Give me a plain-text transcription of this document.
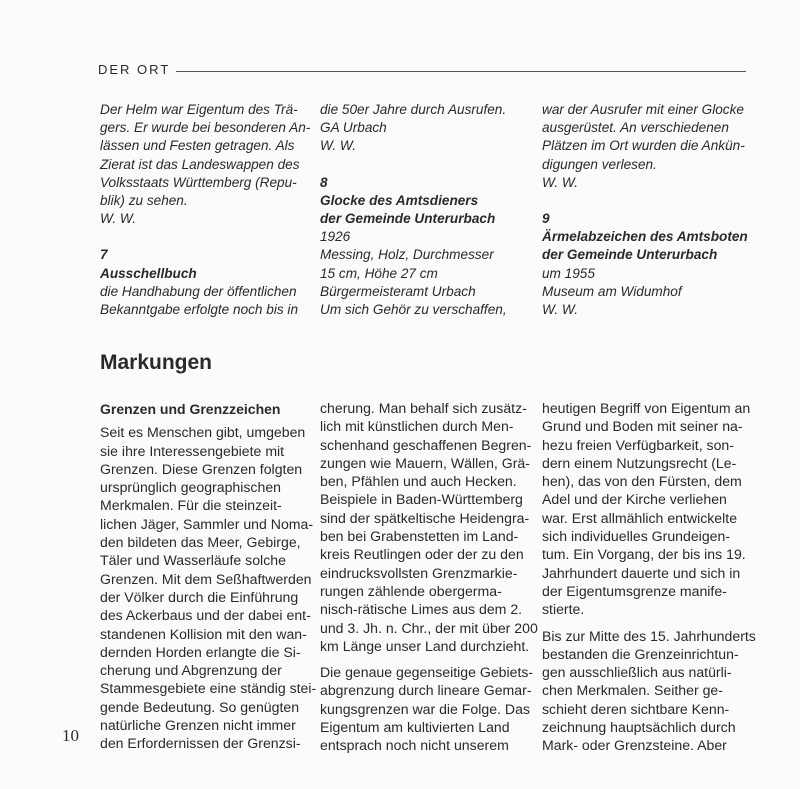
DER ORT
Der Helm war Eigentum des Trä-
gers. Er wurde bei besonderen An-
lässen und Festen getragen. Als
Zierat ist das Landeswappen des
Volksstaats Württemberg (Repu-
blik) zu sehen.
W. W.
7
Ausschellbuch
die Handhabung der öffentlichen
Bekanntgabe erfolgte noch bis in
die 50er Jahre durch Ausrufen.
GA Urbach
W. W.
8
Glocke des Amtsdieners
der Gemeinde Unterurbach
1926
Messing, Holz, Durchmesser
15 cm, Höhe 27 cm
Bürgermeisteramt Urbach
Um sich Gehör zu verschaffen,
war der Ausrufer mit einer Glocke
ausgerüstet. An verschiedenen
Plätzen im Ort wurden die Ankün-
digungen verlesen.
W. W.
9
Ärmelabzeichen des Amtsboten
der Gemeinde Unterurbach
um 1955
Museum am Widumhof
W. W.
Markungen
Grenzen und Grenzzeichen
Seit es Menschen gibt, umgeben
sie ihre Interessengebiete mit
Grenzen. Diese Grenzen folgten
ursprünglich geographischen
Merkmalen. Für die steinzeit-
lichen Jäger, Sammler und Noma-
den bildeten das Meer, Gebirge,
Täler und Wasserläufe solche
Grenzen. Mit dem Seßhaftwerden
der Völker durch die Einführung
des Ackerbaus und der dabei ent-
standenen Kollision mit den wan-
dernden Horden erlangte die Si-
cherung und Abgrenzung der
Stammesgebiete eine ständig stei-
gende Bedeutung. So genügten
natürliche Grenzen nicht immer
den Erfordernissen der Grenzsi-
cherung. Man behalf sich zusätz-
lich mit künstlichen durch Men-
schenhand geschaffenen Begren-
zungen wie Mauern, Wällen, Grä-
ben, Pfählen und auch Hecken.
Beispiele in Baden-Württemberg
sind der spätkeltische Heidengra-
ben bei Grabenstetten im Land-
kreis Reutlingen oder der zu den
eindrucksvollsten Grenzmarkie-
rungen zählende obergerma-
nisch-rätische Limes aus dem 2.
und 3. Jh. n. Chr., der mit über 200
km Länge unser Land durchzieht.
Die genaue gegenseitige Gebiets-
abgrenzung durch lineare Gemar-
kungsgrenzen war die Folge. Das
Eigentum am kultivierten Land
entsprach noch nicht unserem
heutigen Begriff von Eigentum an
Grund und Boden mit seiner na-
hezu freien Verfügbarkeit, son-
dern einem Nutzungsrecht (Le-
hen), das von den Fürsten, dem
Adel und der Kirche verliehen
war. Erst allmählich entwickelte
sich individuelles Grundeigen-
tum. Ein Vorgang, der bis ins 19.
Jahrhundert dauerte und sich in
der Eigentumsgrenze manife-
stierte.
Bis zur Mitte des 15. Jahrhunderts
bestanden die Grenzeinrichtun-
gen ausschließlich aus natürli-
chen Merkmalen. Seither ge-
schieht deren sichtbare Kenn-
zeichnung hauptsächlich durch
Mark- oder Grenzsteine. Aber
10
